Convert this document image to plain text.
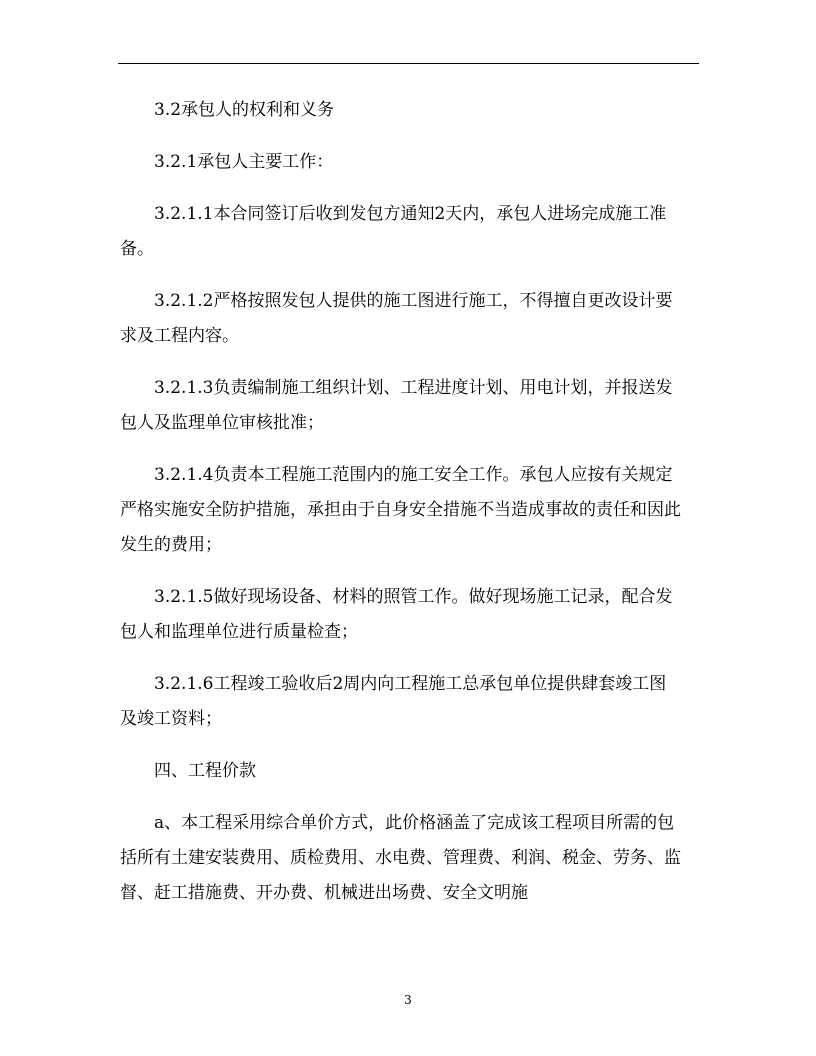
3.2承包人的权利和义务

3.2.1承包人主要工作：

3.2.1.1本合同签订后收到发包方通知2天内，承包人进场完成施工准备。

3.2.1.2严格按照发包人提供的施工图进行施工，不得擅自更改设计要求及工程内容。

3.2.1.3负责编制施工组织计划、工程进度计划、用电计划，并报送发包人及监理单位审核批准；

3.2.1.4负责本工程施工范围内的施工安全工作。承包人应按有关规定严格实施安全防护措施，承担由于自身安全措施不当造成事故的责任和因此发生的费用；

3.2.1.5做好现场设备、材料的照管工作。做好现场施工记录，配合发包人和监理单位进行质量检查；

3.2.1.6工程竣工验收后2周内向工程施工总承包单位提供肆套竣工图及竣工资料；

四、工程价款

a、本工程采用综合单价方式，此价格涵盖了完成该工程项目所需的包括所有土建安装费用、质检费用、水电费、管理费、利润、税金、劳务、监督、赶工措施费、开办费、机械进出场费、安全文明施

3
